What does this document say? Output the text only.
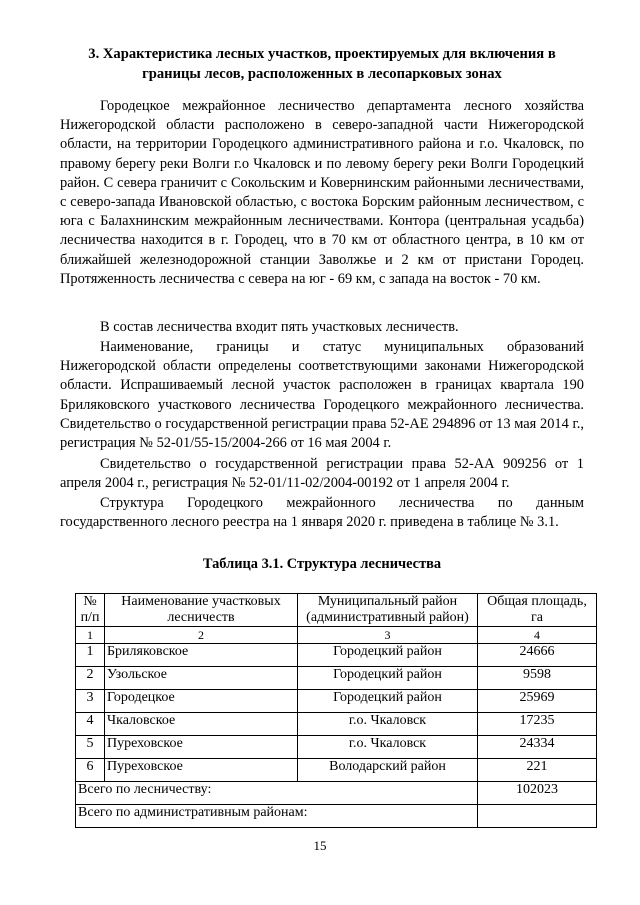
3. Характеристика лесных участков, проектируемых для включения в границы лесов, расположенных в лесопарковых зонах

Городецкое межрайонное лесничество департамента лесного хозяйства Нижегородской области расположено в северо-западной части Нижегородской области, на территории Городецкого административного района и г.о. Чкаловск, по правому берегу реки Волги г.о Чкаловск и по левому берегу реки Волги Городецкий район. С севера граничит с Сокольским и Ковернинским районными лесничествами, с северо-запада Ивановской областью, с востока Борским районным лесничеством, с юга с Балахнинским межрайонным лесничествами. Контора (центральная усадьба) лесничества находится в г. Городец, что в 70 км от областного центра, в 10 км от ближайшей железнодорожной станции Заволжье и 2 км от пристани Городец. Протяженность лесничества с севера на юг - 69 км, с запада на восток - 70 км.

В состав лесничества входит пять участковых лесничеств.

Наименование, границы и статус муниципальных образований Нижегородской области определены соответствующими законами Нижегородской области. Испрашиваемый лесной участок расположен в границах квартала 190 Бриляковского участкового лесничества Городецкого межрайонного лесничества. Свидетельство о государственной регистрации права 52-АЕ 294896 от 13 мая 2014 г., регистрация № 52-01/55-15/2004-266 от 16 мая 2004 г.

Свидетельство о государственной регистрации права 52-АА 909256 от 1 апреля 2004 г., регистрация № 52-01/11-02/2004-00192 от 1 апреля 2004 г.

Структура Городецкого межрайонного лесничества по данным государственного лесного реестра на 1 января 2020 г. приведена в таблице № 3.1.

Таблица 3.1. Структура лесничества

№ п/п	Наименование участковых лесничеств	Муниципальный район (административный район)	Общая площадь, га
1	2	3	4
1	Бриляковское	Городецкий район	24666
2	Узольское	Городецкий район	9598
3	Городецкое	Городецкий район	25969
4	Чкаловское	г.о. Чкаловск	17235
5	Пуреховское	г.о. Чкаловск	24334
6	Пуреховское	Володарский район	221
Всего по лесничеству:			102023
Всего по административным районам:			
15
